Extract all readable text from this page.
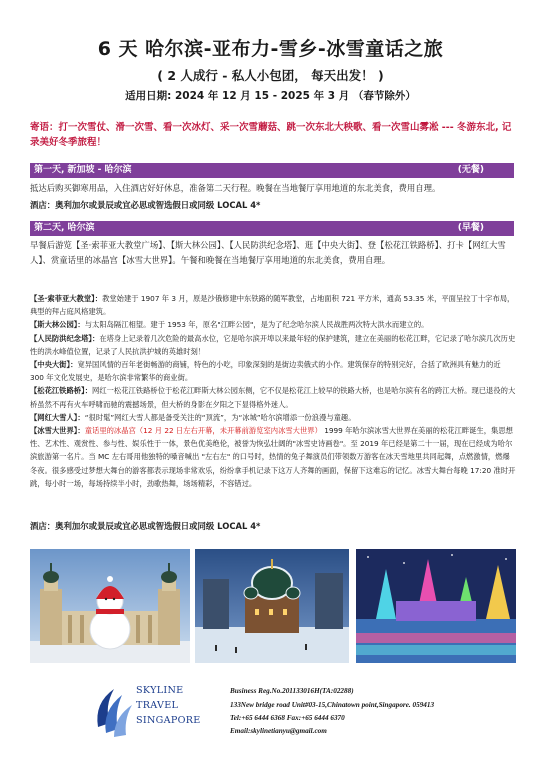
6 天 哈尔滨-亚布力-雪乡-冰雪童话之旅
( 2 人成行 - 私人小包团， 每天出发！ )
适用日期: 2024 年 12 月 15 - 2025 年 3 月 （春节除外）
寄语：打一次雪仗、滑一次雪、看一次冰灯、采一次雪蘑菇、跳一次东北大秧歌、看一次雪山雾凇 --- 冬游东北, 记录美好冬季旅程！
第一天, 新加坡 - 哈尔滨	(无餐)
抵达后购买御寒用品，入住酒店好好休息，准备第二天行程。晚餐在当地餐厅享用地道的东北美食，费用自理。
酒店：奥利加尔或景辰或宜必思或智选假日或同级 LOCAL 4*
第二天, 哈尔滨	(早餐)
早餐后游览【圣·索菲亚大教堂广场】、【斯大林公园】、【人民防洪纪念塔】、逛【中央大街】、登【松花江铁路桥】、打卡【网红大雪人】、赏童话里的冰晶宫【冰雪大世界】。午餐和晚餐在当地餐厅享用地道的东北美食，费用自理。

【圣·索菲亚大教堂】：教堂始建于 1907 年 3 月，原是沙俄修建中东铁路的随军教堂，占地面积 721 平方米，通高 53.35 米，平面呈拉丁十字布局，典型的拜占庭风格建筑。

【斯大林公园】：与太阳岛隔江相望。建于 1953 年，原名"江畔公园"，是为了纪念哈尔滨人民战胜两次特大洪水而建立的。

【人民防洪纪念塔】：在塔身上记录着几次危险的最高水位，它是哈尔滨开埠以来最年轻的保护建筑，建立在美丽的松花江畔，它记录了哈尔滨几次历史性的洪水峰值位置，记录了人民抗洪护城的英雄时刻！

【中央大街】：宽异国风情的百年老街畅游的商铺，特色的小吃，印象深刻的是街边卖俄式的小作。建筑保存的特别完好，合括了欧洲具有魅力的近 300 年文化发展史，是哈尔滨非常繁华的商业街。

【松花江铁路桥】：网红一松花江铁路桥位于松花江畔斯大林公园东侧，它不仅是松花江上较早的铁路大桥，也是哈尔滨有名的跨江大桥。现已退役的大桥虽然不再有火车呼啸而驰的震撼场景，但大桥的身影在夕阳之下显得格外迷人。

【网红大雪人】：“很时髦”网红大雪人都是备受关注的“顶流”，为“冰城”哈尔滨增添一份浪漫与童趣。

【冰雪大世界】：童话里的冰晶宫（12 月 22 日左右开幕，未开幕前游览室内冰雪大世界） 1999 年哈尔滨冰雪大世界在美丽的松花江畔诞生，集思想性、艺术性、观赏性、参与性、娱乐性于一体，景色优美绝伦，被誉为恢弘壮阔的"冰雪史诗画卷"。至 2019 年已经是第二十一届，现在已经成为哈尔滨旅游第一名片。当 MC 左右哥用他独特的嗓音喊出 "左右左" 的口号时，热情的兔子舞演员们带领数万游客在冰天雪地里共同起舞，点燃激情，燃爆冬夜。很多感受过梦想大舞台的游客都表示现场非常欢乐，纷纷拿手机记录下这万人齐舞的画面，保留下这难忘的记忆。冰雪大舞台每晚 17:20 准时开跳，每小时一场，每场持续半小时，劲歌热舞，场场精彩，不容错过。

酒店：奥利加尔或景辰或宜必思或智选假日或同级 LOCAL 4*
SKYLINE
TRAVEL
SINGAPORE
Business Reg.No.201133016H(TA:02288)
133New bridge road Unit#03-15,Chinatown point,Singapore. 059413
Tel:+65 6444 6368 Fax:+65 6444 6370
Email:skylinetianyu@gmail.com
